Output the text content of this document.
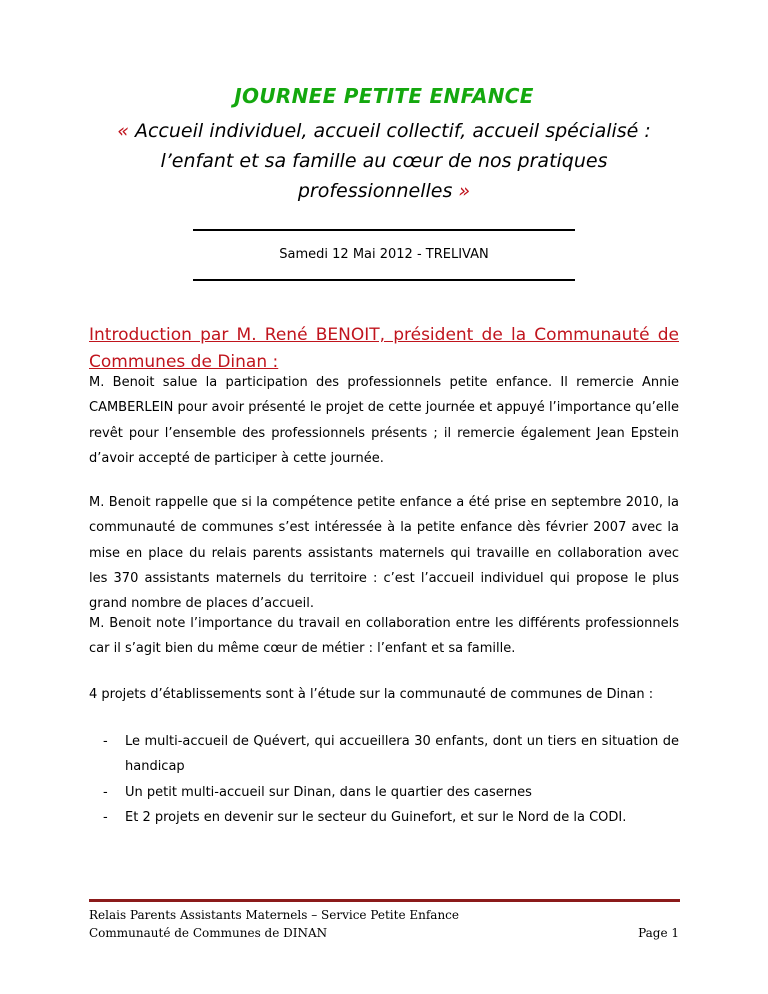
JOURNEE PETITE ENFANCE
« Accueil individuel, accueil collectif, accueil spécialisé : l’enfant et sa famille au cœur de nos pratiques professionnelles »
Samedi 12 Mai 2012 - TRELIVAN
Introduction par M. René BENOIT, président de la Communauté de Communes de Dinan :
M. Benoit salue la participation des professionnels petite enfance. Il remercie Annie CAMBERLEIN pour avoir présenté le projet de cette journée et appuyé l’importance qu’elle revêt pour l’ensemble des professionnels présents ; il remercie également Jean Epstein d’avoir accepté de participer à cette journée.
M. Benoit rappelle que si la compétence petite enfance a été prise en septembre 2010, la communauté de communes s’est intéressée à la petite enfance dès février 2007 avec la mise en place du relais parents assistants maternels qui travaille en collaboration avec les 370 assistants maternels du territoire : c’est l’accueil individuel qui propose le plus grand nombre de places d’accueil.
M. Benoit note l’importance du travail en collaboration entre les différents professionnels car il s’agit bien du même cœur de métier : l’enfant et sa famille.
4 projets d’établissements sont à l’étude sur la communauté de communes de Dinan :
- Le multi-accueil de Quévert, qui accueillera 30 enfants, dont un tiers en situation de handicap
- Un petit multi-accueil sur Dinan, dans le quartier des casernes
- Et 2 projets en devenir sur le secteur du Guinefort, et sur le Nord de la CODI.
Relais Parents Assistants Maternels – Service Petite Enfance
Communauté de Communes de DINAN	Page 1
